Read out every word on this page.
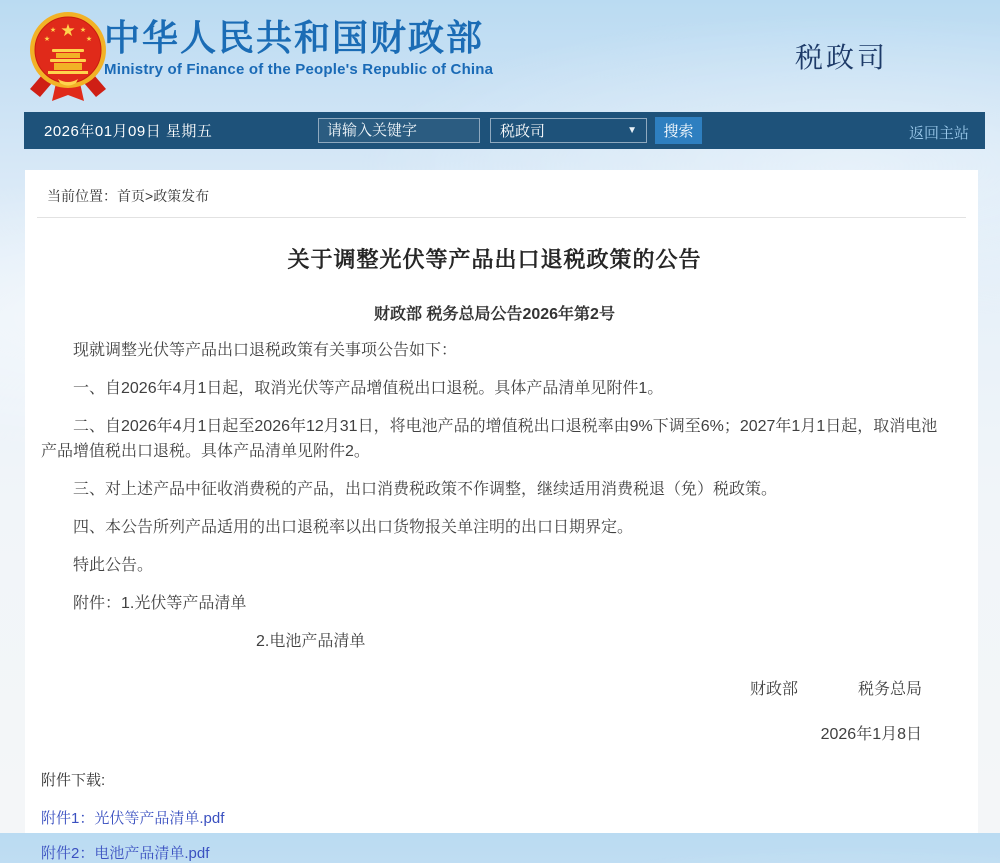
★
★	★
★	★ 中华人民共和国财政部
Ministry of Finance of the People's Republic of China	税政司
2026年01月09日 星期五
请输入关键字	税政司	▼	搜索	返回主站
当前位置：首页>政策发布
关于调整光伏等产品出口退税政策的公告
财政部 税务总局公告2026年第2号

现就调整光伏等产品出口退税政策有关事项公告如下：

一、自2026年4月1日起，取消光伏等产品增值税出口退税。具体产品清单见附件1。

二、自2026年4月1日起至2026年12月31日，将电池产品的增值税出口退税率由9%下调至6%；2027年1月1日起，取消电池产品增值税出口退税。具体产品清单见附件2。

三、对上述产品中征收消费税的产品，出口消费税政策不作调整，继续适用消费税退（免）税政策。

四、本公告所列产品适用的出口退税率以出口货物报关单注明的出口日期界定。

特此公告。

附件：1.光伏等产品清单

2.电池产品清单

财政部	税务总局
2026年1月8日
附件下载:
附件1：光伏等产品清单.pdf
附件2：电池产品清单.pdf
